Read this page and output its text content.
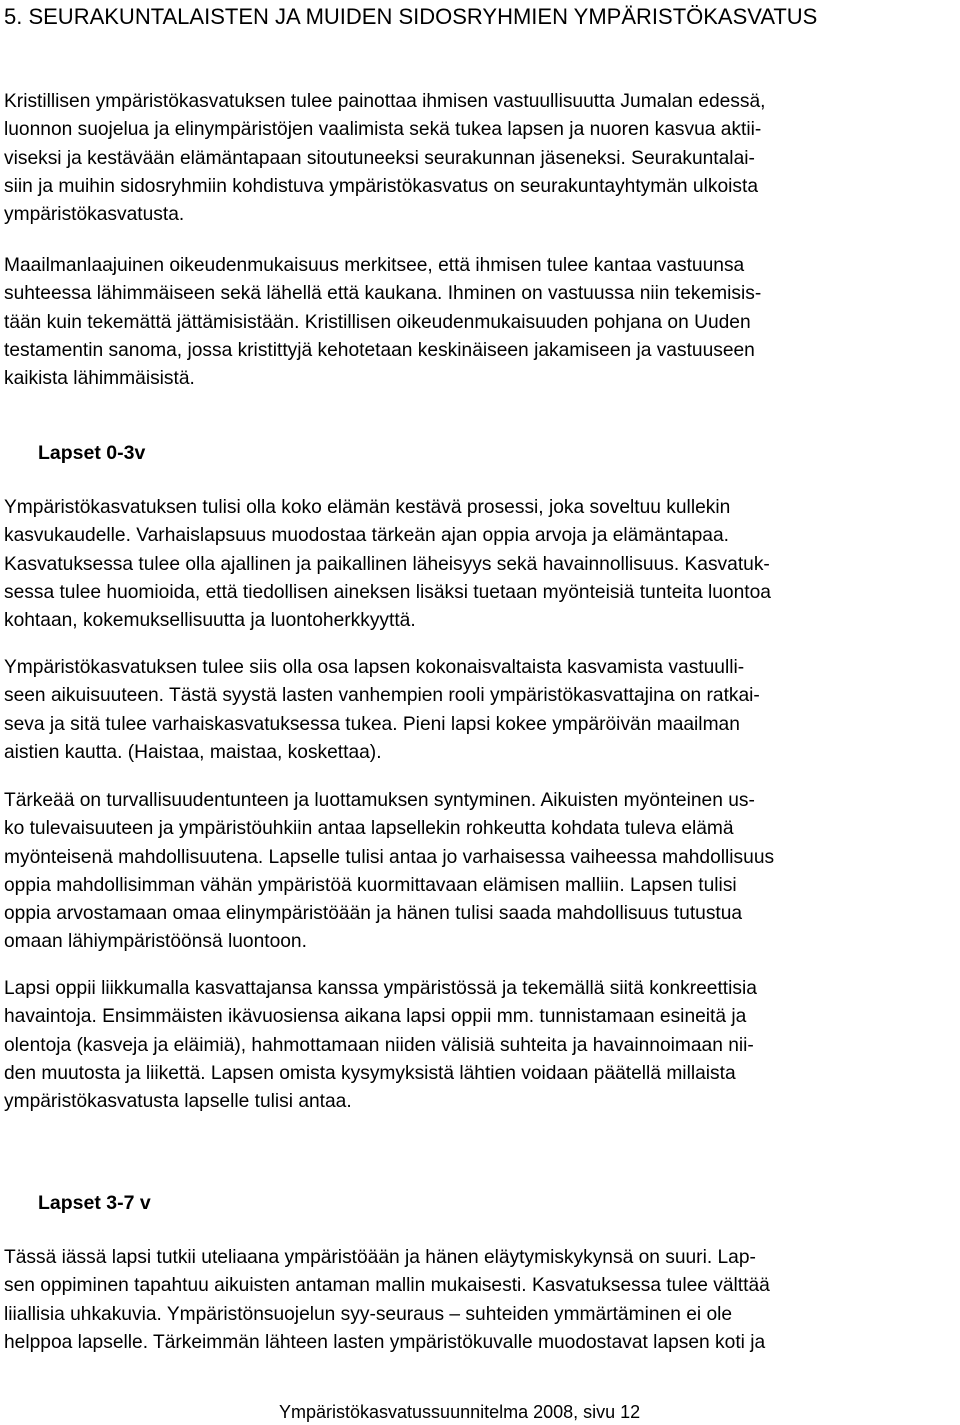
5. SEURAKUNTALAISTEN JA MUIDEN SIDOSRYHMIEN YMPÄRISTÖKASVATUS

Kristillisen ympäristökasvatuksen tulee painottaa ihmisen vastuullisuutta Jumalan edessä,
luonnon suojelua ja elinympäristöjen vaalimista sekä tukea lapsen ja nuoren kasvua aktii-
viseksi ja kestävään elämäntapaan sitoutuneeksi seurakunnan jäseneksi. Seurakuntalai-
siin ja muihin sidosryhmiin kohdistuva ympäristökasvatus on seurakuntayhtymän ulkoista
ympäristökasvatusta.

Maailmanlaajuinen oikeudenmukaisuus merkitsee, että ihmisen tulee kantaa vastuunsa
suhteessa lähimmäiseen sekä lähellä että kaukana. Ihminen on vastuussa niin tekemisis-
tään kuin tekemättä jättämisistään. Kristillisen oikeudenmukaisuuden pohjana on Uuden
testamentin sanoma, jossa kristittyjä kehotetaan keskinäiseen jakamiseen ja vastuuseen
kaikista lähimmäisistä.

Lapset 0-3v

Ympäristökasvatuksen tulisi olla koko elämän kestävä prosessi, joka soveltuu kullekin
kasvukaudelle. Varhaislapsuus muodostaa tärkeän ajan oppia arvoja ja elämäntapaa.
Kasvatuksessa tulee olla ajallinen ja paikallinen läheisyys sekä havainnollisuus. Kasvatuk-
sessa tulee huomioida, että tiedollisen aineksen lisäksi tuetaan myönteisiä tunteita luontoa
kohtaan, kokemuksellisuutta ja luontoherkkyyttä.

Ympäristökasvatuksen tulee siis olla osa lapsen kokonaisvaltaista kasvamista vastuulli-
seen aikuisuuteen. Tästä syystä lasten vanhempien rooli ympäristökasvattajina on ratkai-
seva ja sitä tulee varhaiskasvatuksessa tukea. Pieni lapsi kokee ympäröivän maailman
aistien kautta. (Haistaa, maistaa, koskettaa).

Tärkeää on turvallisuudentunteen ja luottamuksen syntyminen. Aikuisten myönteinen us-
ko tulevaisuuteen ja ympäristöuhkiin antaa lapsellekin rohkeutta kohdata tuleva elämä
myönteisenä mahdollisuutena. Lapselle tulisi antaa jo varhaisessa vaiheessa mahdollisuus
oppia mahdollisimman vähän ympäristöä kuormittavaan elämisen malliin. Lapsen tulisi
oppia arvostamaan omaa elinympäristöään ja hänen tulisi saada mahdollisuus tutustua
omaan lähiympäristöönsä luontoon.

Lapsi oppii liikkumalla kasvattajansa kanssa ympäristössä ja tekemällä siitä konkreettisia
havaintoja. Ensimmäisten ikävuosiensa aikana lapsi oppii mm. tunnistamaan esineitä ja
olentoja (kasveja ja eläimiä), hahmottamaan niiden välisiä suhteita ja havainnoimaan nii-
den muutosta ja liikettä. Lapsen omista kysymyksistä lähtien voidaan päätellä millaista
ympäristökasvatusta lapselle tulisi antaa.

Lapset 3-7 v

Tässä iässä lapsi tutkii uteliaana ympäristöään ja hänen eläytymiskykynsä on suuri. Lap-
sen oppiminen tapahtuu aikuisten antaman mallin mukaisesti. Kasvatuksessa tulee välttää
liiallisia uhkakuvia. Ympäristönsuojelun syy-seuraus – suhteiden ymmärtäminen ei ole
helppoa lapselle. Tärkeimmän lähteen lasten ympäristökuvalle muodostavat lapsen koti ja

Ympäristökasvatussuunnitelma 2008, sivu 12
